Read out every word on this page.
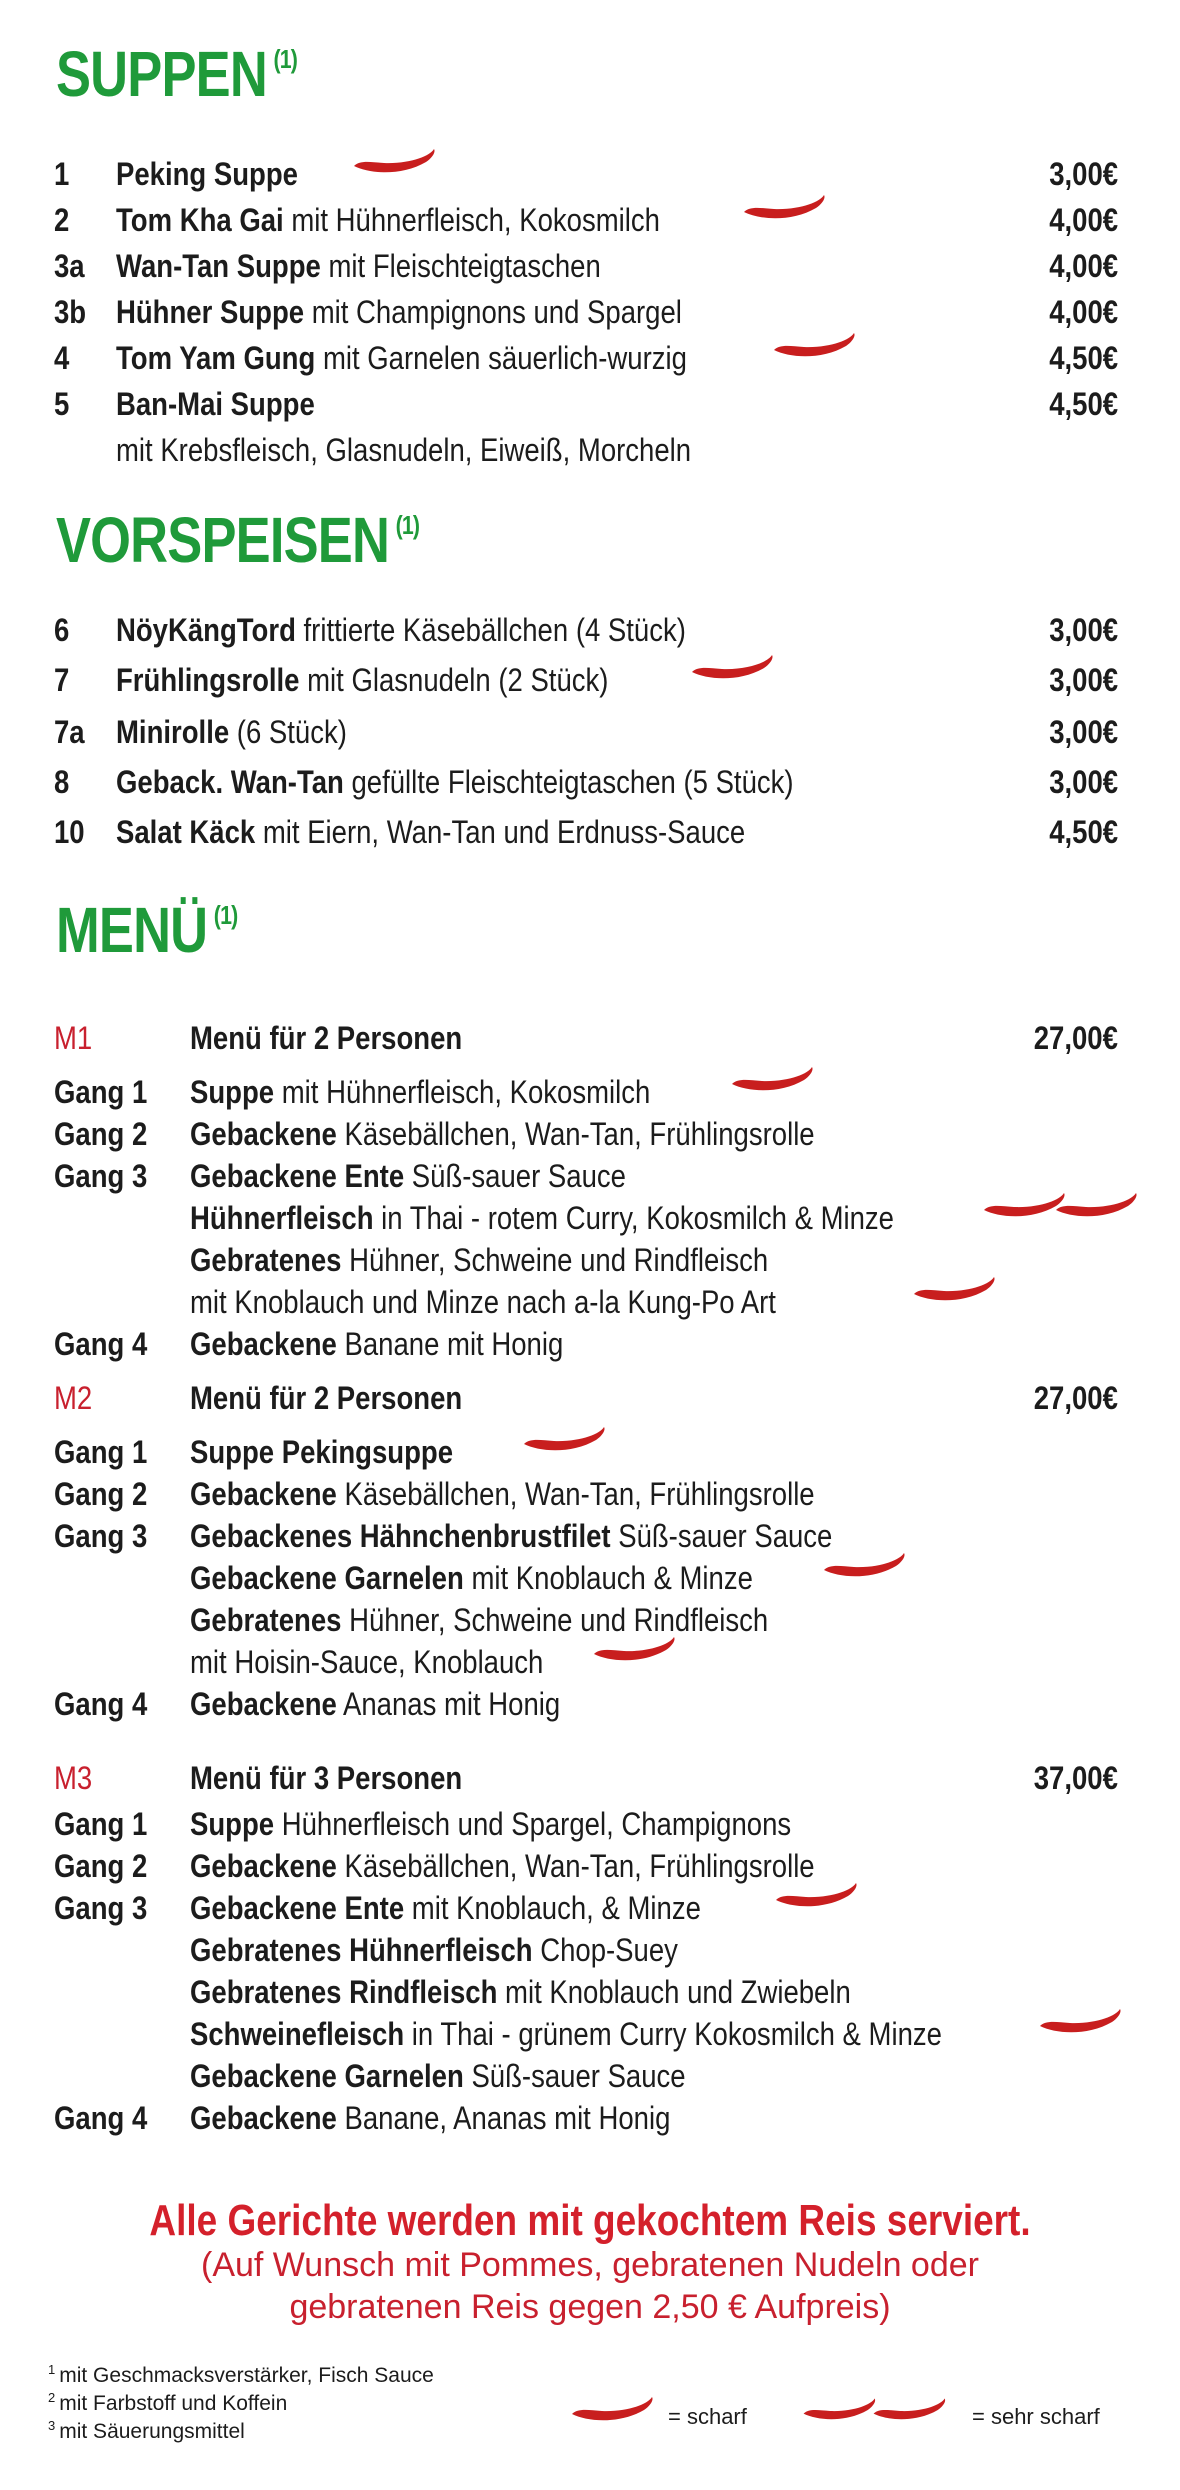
SUPPEN $^{(1)}$
VORSPEISEN $^{(1)}$
MENÜ $^{(1)}$
1 Peking Suppe	3,00€
2 Tom Kha Gai mit Hühnerfleisch, Kokosmilch	4,00€
3a Wan-Tan Suppe mit Fleischteigtaschen	4,00€
3b Hühner Suppe mit Champignons und Spargel	4,00€
4 Tom Yam Gung mit Garnelen säuerlich-wurzig	4,50€
5 Ban-Mai Suppe	4,50€
mit Krebsfleisch, Glasnudeln, Eiweiß, Morcheln
6 NöyKängTord frittierte Käsebällchen (4 Stück)	3,00€
7 Frühlingsrolle mit Glasnudeln (2 Stück)	3,00€
7a Minirolle (6 Stück)	3,00€
8 Geback. Wan-Tan gefüllte Fleischteigtaschen (5 Stück)	3,00€
10 Salat Käck mit Eiern, Wan-Tan und Erdnuss-Sauce	4,50€
M1	Menü für 2 Personen	27,00€
Gang 1 Suppe mit Hühnerfleisch, Kokosmilch
Gang 2 Gebackene Käsebällchen, Wan-Tan, Frühlingsrolle
Gang 3 Gebackene Ente Süß-sauer Sauce
Hühnerfleisch in Thai - rotem Curry, Kokosmilch & Minze
Gebratenes Hühner, Schweine und Rindfleisch
mit Knoblauch und Minze nach a-la Kung-Po Art
Gang 4 Gebackene Banane mit Honig
M2	Menü für 2 Personen	27,00€
Gang 1 Suppe Pekingsuppe
Gang 2 Gebackene Käsebällchen, Wan-Tan, Frühlingsrolle
Gang 3 Gebackenes Hähnchenbrustfilet Süß-sauer Sauce
Gebackene Garnelen mit Knoblauch & Minze
Gebratenes Hühner, Schweine und Rindfleisch
mit Hoisin-Sauce, Knoblauch
Gang 4 Gebackene Ananas mit Honig
M3	Menü für 3 Personen	37,00€
Gang 1 Suppe Hühnerfleisch und Spargel, Champignons
Gang 2 Gebackene Käsebällchen, Wan-Tan, Frühlingsrolle
Gang 3 Gebackene Ente mit Knoblauch, & Minze
Gebratenes Hühnerfleisch Chop-Suey
Gebratenes Rindfleisch mit Knoblauch und Zwiebeln
Schweinefleisch in Thai - grünem Curry Kokosmilch & Minze
Gebackene Garnelen Süß-sauer Sauce
Gang 4 Gebackene Banane, Ananas mit Honig
Alle Gerichte werden mit gekochtem Reis serviert.
(Auf Wunsch mit Pommes, gebratenen Nudeln oder
gebratenen Reis gegen 2,50 € Aufpreis)
$^1$ mit Geschmacksverstärker, Fisch Sauce
$^2$ mit Farbstoff und Koffein
$^3$ mit Säuerungsmittel
= scharf	= sehr scharf
